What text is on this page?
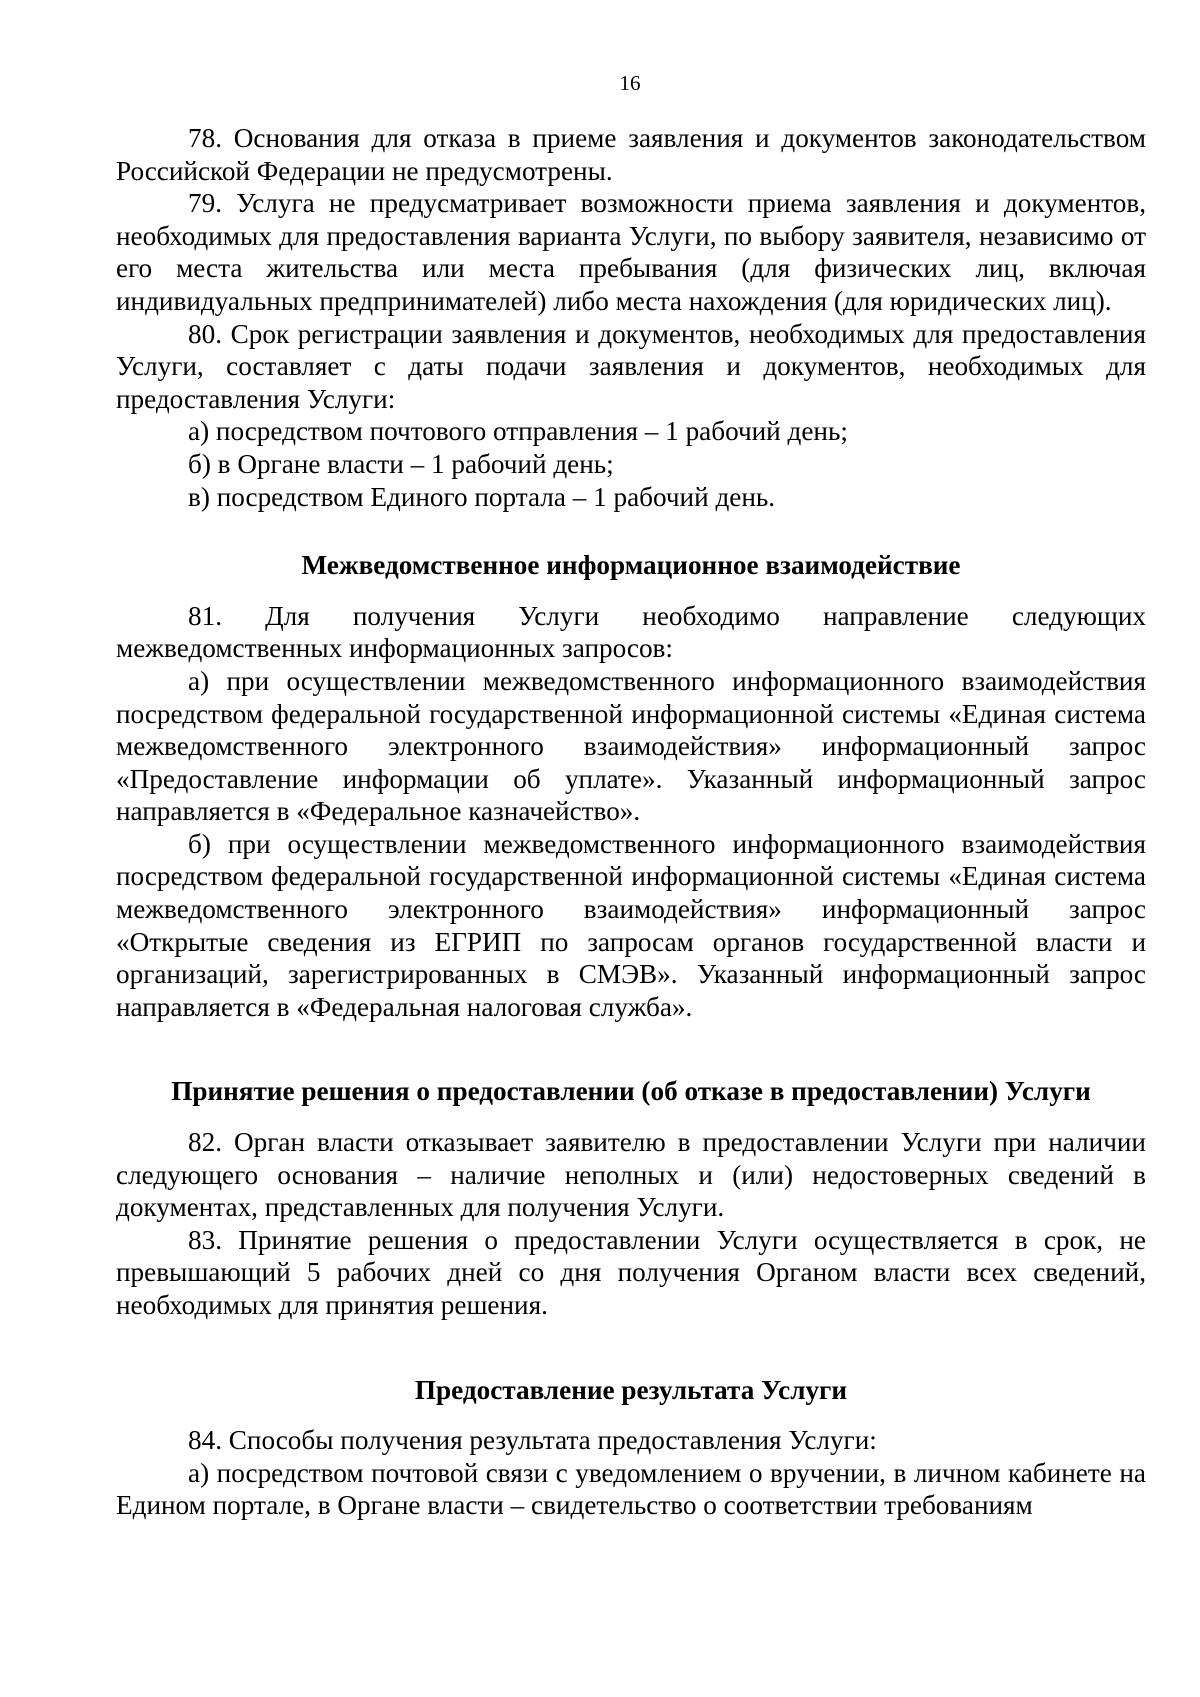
16

78. Основания для отказа в приеме заявления и документов законодательством Российской Федерации не предусмотрены.

79. Услуга не предусматривает возможности приема заявления и документов, необходимых для предоставления варианта Услуги, по выбору заявителя, независимо от его места жительства или места пребывания (для физических лиц, включая индивидуальных предпринимателей) либо места нахождения (для юридических лиц).

80. Срок регистрации заявления и документов, необходимых для предоставления Услуги, составляет с даты подачи заявления и документов, необходимых для предоставления Услуги:

а) посредством почтового отправления – 1 рабочий день;

б) в Органе власти – 1 рабочий день;

в) посредством Единого портала – 1 рабочий день.

Межведомственное информационное взаимодействие

81. Для получения Услуги необходимо направление следующих межведомственных информационных запросов:

а) при осуществлении межведомственного информационного взаимодействия посредством федеральной государственной информационной системы «Единая система межведомственного электронного взаимодействия» информационный запрос «Предоставление информации об уплате». Указанный информационный запрос направляется в «Федеральное казначейство».

б) при осуществлении межведомственного информационного взаимодействия посредством федеральной государственной информационной системы «Единая система межведомственного электронного взаимодействия» информационный запрос «Открытые сведения из ЕГРИП по запросам органов государственной власти и организаций, зарегистрированных в СМЭВ». Указанный информационный запрос направляется в «Федеральная налоговая служба».

Принятие решения о предоставлении (об отказе в предоставлении) Услуги

82. Орган власти отказывает заявителю в предоставлении Услуги при наличии следующего основания – наличие неполных и (или) недостоверных сведений в документах, представленных для получения Услуги.

83. Принятие решения о предоставлении Услуги осуществляется в срок, не превышающий 5 рабочих дней со дня получения Органом власти всех сведений, необходимых для принятия решения.

Предоставление результата Услуги

84. Способы получения результата предоставления Услуги:

а) посредством почтовой связи с уведомлением о вручении, в личном кабинете на Едином портале, в Органе власти – свидетельство о соответствии требованиям
